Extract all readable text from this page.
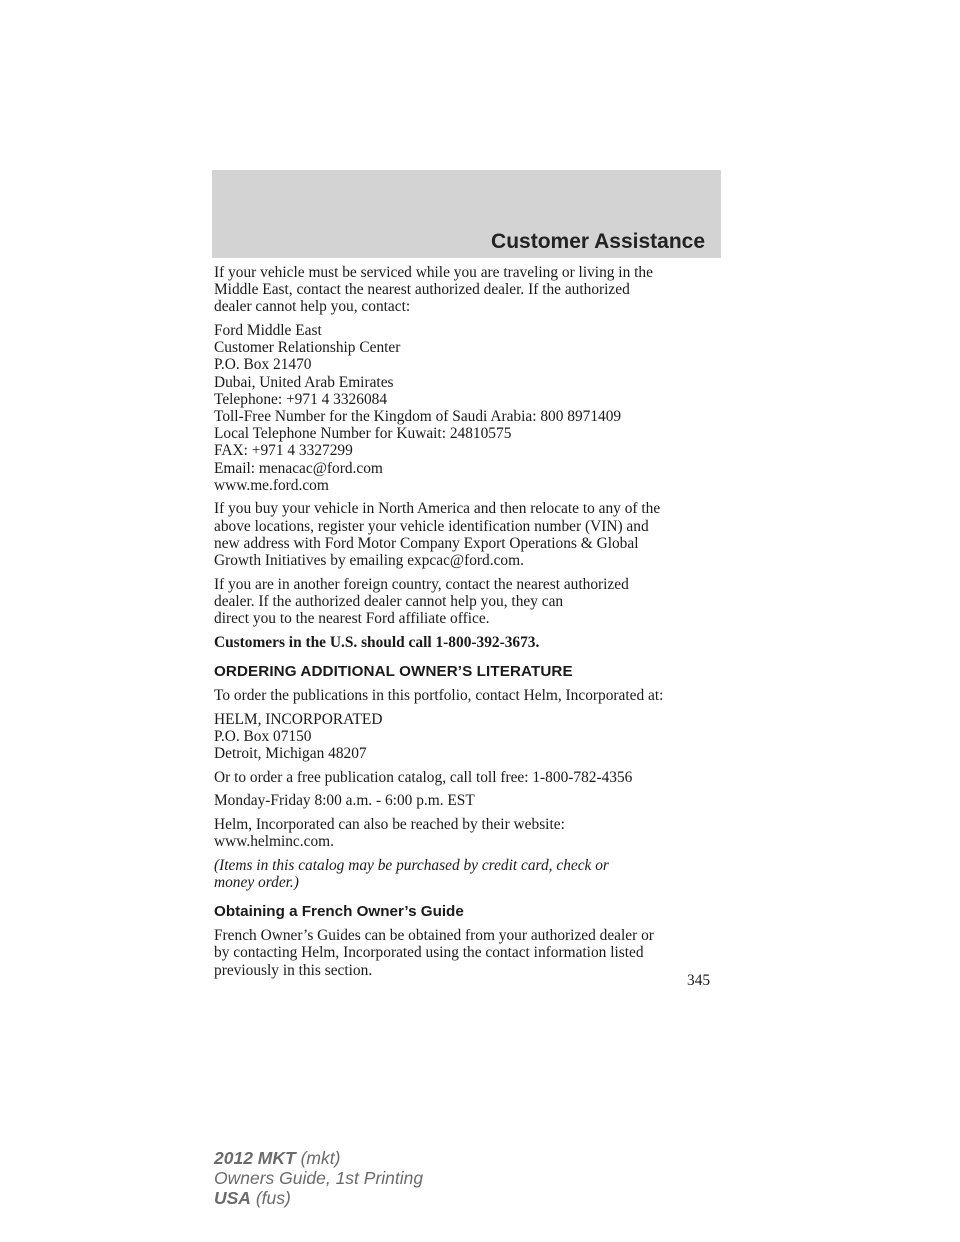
Customer Assistance

If your vehicle must be serviced while you are traveling or living in the
Middle East, contact the nearest authorized dealer. If the authorized
dealer cannot help you, contact:

Ford Middle East
Customer Relationship Center
P.O. Box 21470
Dubai, United Arab Emirates
Telephone: +971 4 3326084
Toll-Free Number for the Kingdom of Saudi Arabia: 800 8971409
Local Telephone Number for Kuwait: 24810575
FAX: +971 4 3327299
Email: menacac@ford.com
www.me.ford.com

If you buy your vehicle in North America and then relocate to any of the
above locations, register your vehicle identification number (VIN) and
new address with Ford Motor Company Export Operations & Global
Growth Initiatives by emailing expcac@ford.com.

If you are in another foreign country, contact the nearest authorized
dealer. If the authorized dealer cannot help you, they can
direct you to the nearest Ford affiliate office.

Customers in the U.S. should call 1-800-392-3673.

ORDERING ADDITIONAL OWNER’S LITERATURE

To order the publications in this portfolio, contact Helm, Incorporated at:

HELM, INCORPORATED
P.O. Box 07150
Detroit, Michigan 48207

Or to order a free publication catalog, call toll free: 1-800-782-4356

Monday-Friday 8:00 a.m. - 6:00 p.m. EST

Helm, Incorporated can also be reached by their website:
www.helminc.com.

(Items in this catalog may be purchased by credit card, check or
money order.)

Obtaining a French Owner’s Guide

French Owner’s Guides can be obtained from your authorized dealer or
by contacting Helm, Incorporated using the contact information listed
previously in this section.

345
2012 MKT (mkt)
Owners Guide, 1st Printing
USA (fus)
